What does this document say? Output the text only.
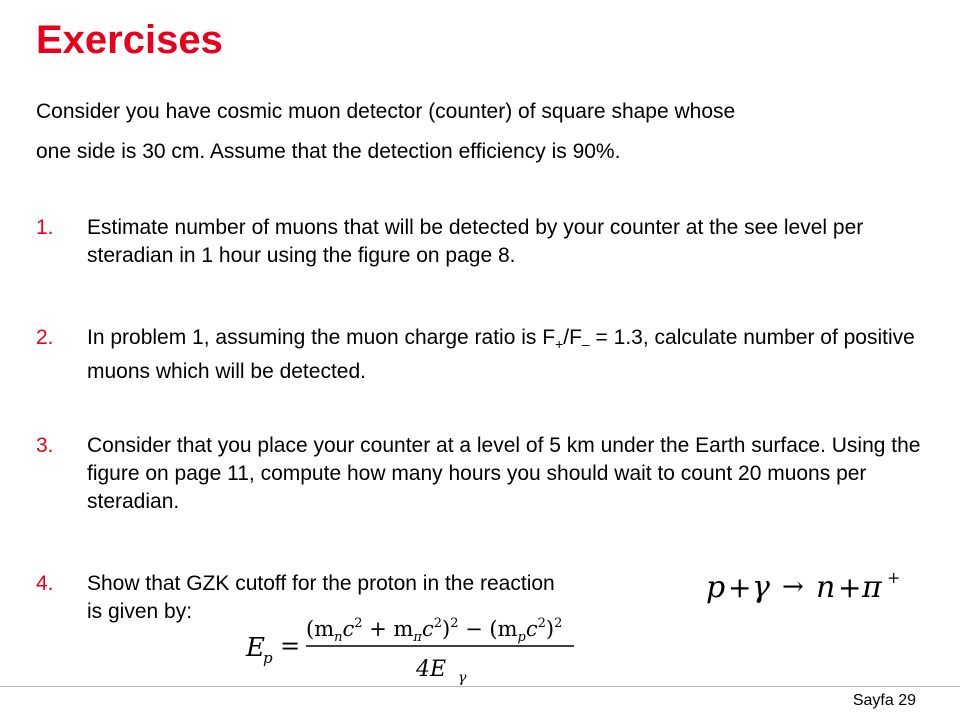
Exercises
Consider you have cosmic muon detector (counter) of square shape whose
one side is 30 cm. Assume that the detection efficiency is 90%.
1.	Estimate number of muons that will be detected by your counter at the see level per steradian in 1 hour using the figure on page 8.
2.	In problem 1, assuming the muon charge ratio is $F_+/F_- = 1.3$, calculate number of positive muons which will be detected.
3.	Consider that you place your counter at a level of 5 km under the Earth surface. Using the figure on page 11, compute how many hours you should wait to count 20 muons per steradian.
4.	Show that GZK cutoff for the proton in the reaction
is given by:
p + γ → n + π +
E
p =
$(m_nc^2 + m_\pi c^2)^2 - (m_pc^2)^2$
4E γ
Sayfa 29
